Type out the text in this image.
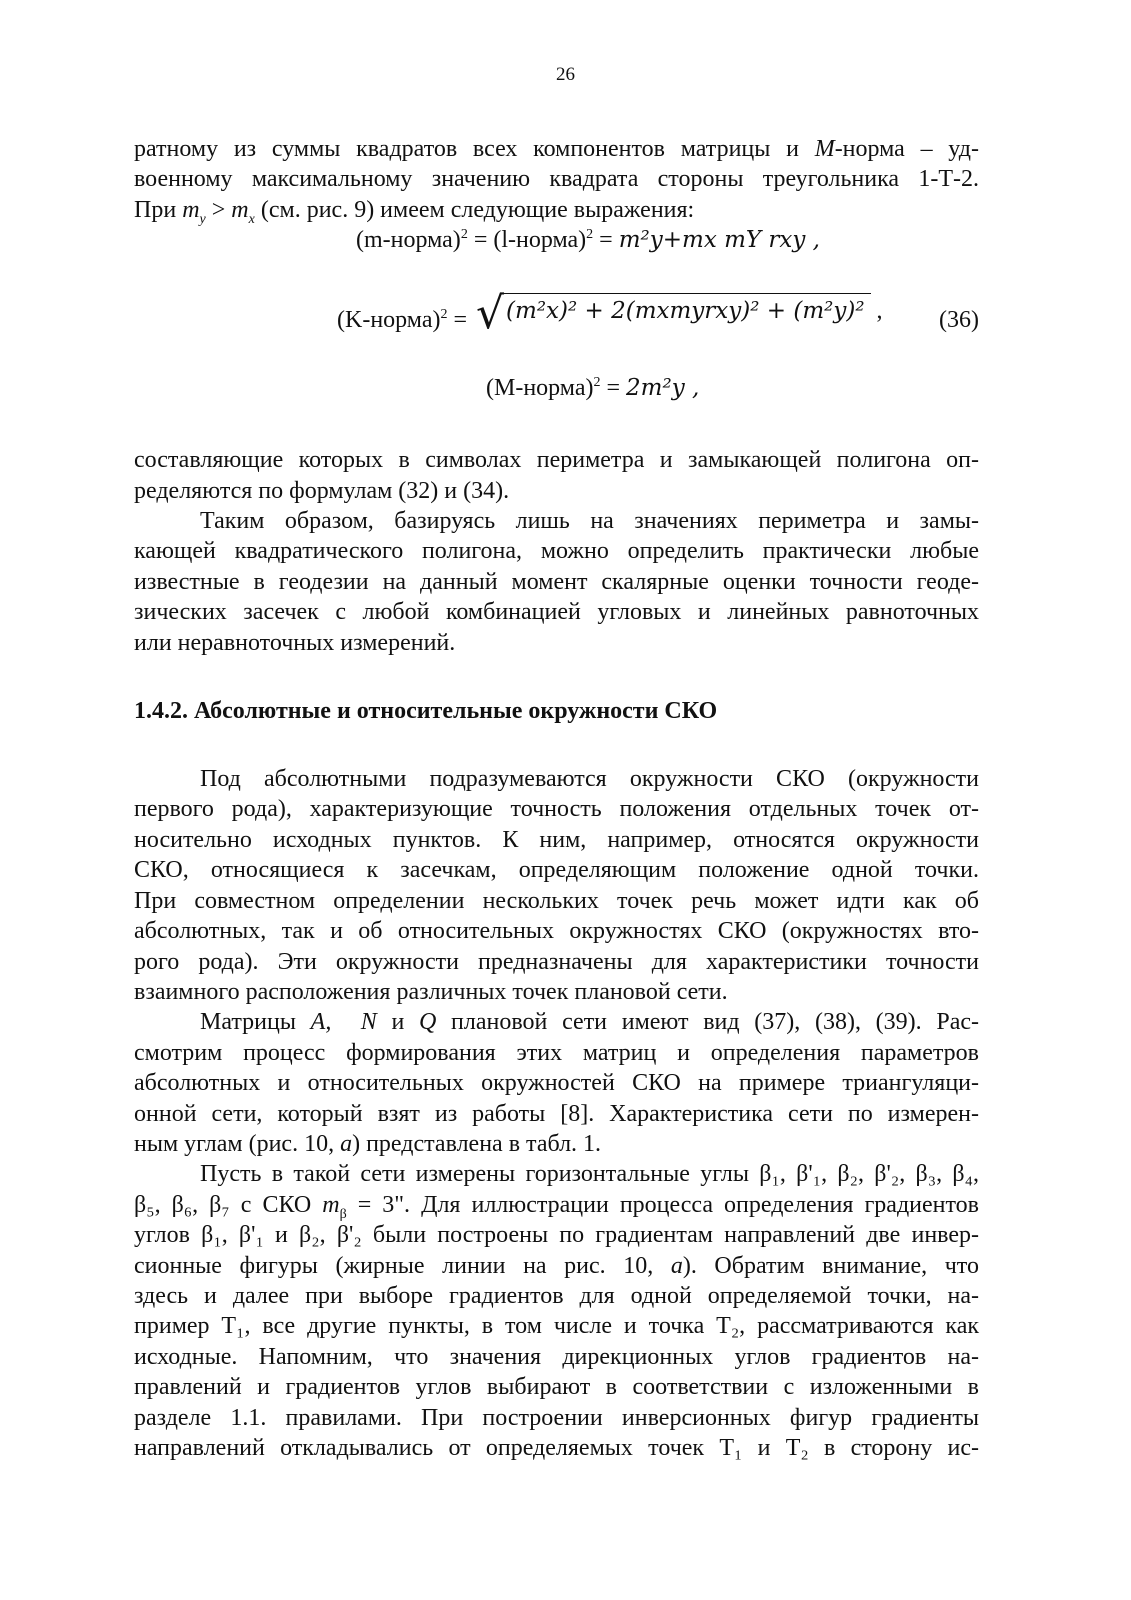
26

ратному из суммы квадратов всех компонентов матрицы и M-норма – уд-

военному максимальному значению квадрата стороны треугольника 1-Т-2.

При $m_y > m_x$ (см. рис. 9) имеем следующие выражения:

(m-норма)$^2$ = (l-норма)$^2$ = m²y+mx mY rxy ,
(K-норма)$^2$ = √(m²x)² + 2(mxmyrxy)² + (m²y)² , (36)
(M-норма)$^2$ = 2m²y ,

составляющие которых в символах периметра и замыкающей полигона оп-

ределяются по формулам (32) и (34).

Таким образом, базируясь лишь на значениях периметра и замы-

кающей квадратического полигона, можно определить практически любые

известные в геодезии на данный момент скалярные оценки точности геоде-

зических засечек с любой комбинацией угловых и линейных равноточных

или неравноточных измерений.

1.4.2. Абсолютные и относительные окружности СКО

Под абсолютными подразумеваются окружности СКО (окружности

первого рода), характеризующие точность положения отдельных точек от-

носительно исходных пунктов. К ним, например, относятся окружности

СКО, относящиеся к засечкам, определяющим положение одной точки.

При совместном определении нескольких точек речь может идти как об

абсолютных, так и об относительных окружностях СКО (окружностях вто-

рого рода). Эти окружности предназначены для характеристики точности

взаимного расположения различных точек плановой сети.

Матрицы A, N и Q плановой сети имеют вид (37), (38), (39). Рас-

смотрим процесс формирования этих матриц и определения параметров

абсолютных и относительных окружностей СКО на примере триангуляци-

онной сети, который взят из работы [8]. Характеристика сети по измерен-

ным углам (рис. 10, а) представлена в табл. 1.

Пусть в такой сети измерены горизонтальные углы β₁, β'₁, β₂, β'₂, β₃, β₄,

β₅, β₆, β₇ с СКО $m_\beta = 3$". Для иллюстрации процесса определения градиентов

углов β₁, β'₁ и β₂, β'₂ были построены по градиентам направлений две инвер-

сионные фигуры (жирные линии на рис. 10, а). Обратим внимание, что

здесь и далее при выборе градиентов для одной определяемой точки, на-

пример T₁, все другие пункты, в том числе и точка T₂, рассматриваются как

исходные. Напомним, что значения дирекционных углов градиентов на-

правлений и градиентов углов выбирают в соответствии с изложенными в

разделе 1.1. правилами. При построении инверсионных фигур градиенты

направлений откладывались от определяемых точек T₁ и T₂ в сторону ис-
